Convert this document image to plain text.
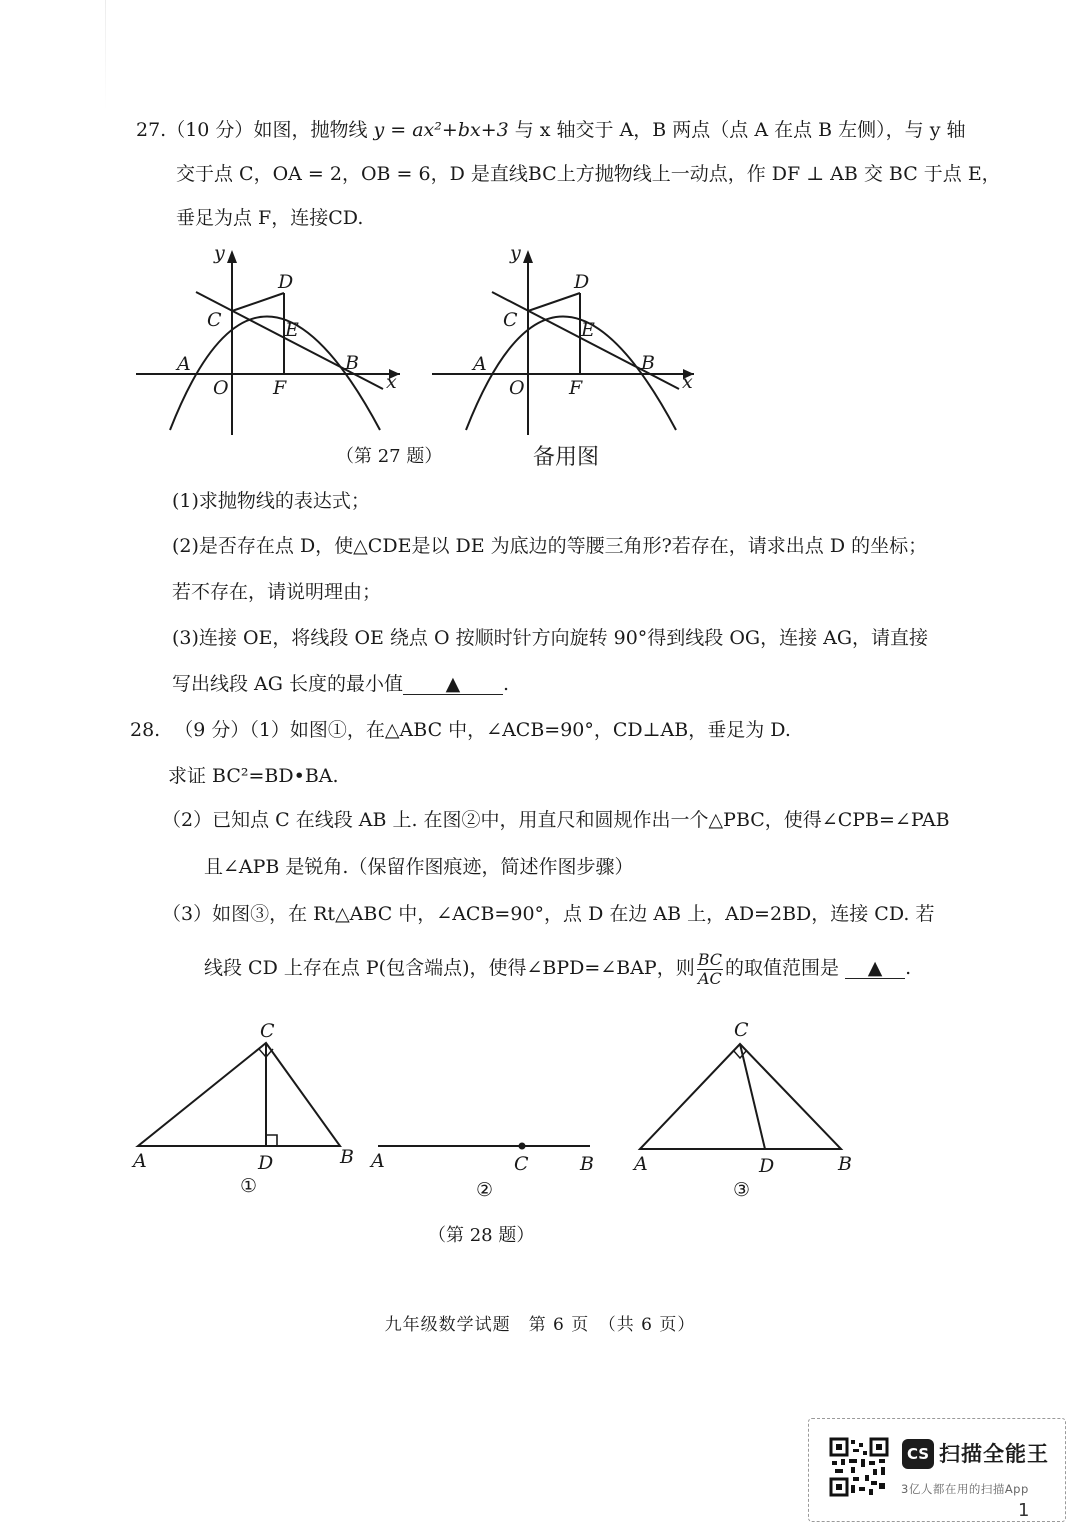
27.（10 分）如图，抛物线 y = ax²+bx+3 与 x 轴交于 A，B 两点（点 A 在点 B 左侧），与 y 轴
交于点 C，OA = 2，OB = 6，D 是直线BC上方抛物线上一动点，作 DF ⊥ AB 交 BC 于点 E，
垂足为点 F，连接CD.
y
x
D
C	E
A	B
O F
y
x
D
C	E
A	B
O F
（第 27 题）	备用图
(1)求抛物线的表达式；
(2)是否存在点 D，使△CDE是以 DE 为底边的等腰三角形?若存在，请求出点 D 的坐标；
若不存在，请说明理由；
(3)连接 OE，将线段 OE 绕点 O 按顺时针方向旋转 90°得到线段 OG，连接 AG，请直接
写出线段 AG 长度的最小值 ▲ .
28. （9 分）（1）如图①，在△ABC 中，∠ACB=90°，CD⊥AB，垂足为 D.
求证 BC²=BD•BA.
（2）已知点 C 在线段 AB 上. 在图②中，用直尺和圆规作出一个△PBC，使得∠CPB=∠PAB
且∠APB 是锐角.（保留作图痕迹，简述作图步骤）
（3）如图③，在 Rt△ABC 中，∠ACB=90°，点 D 在边 AB 上，AD=2BD，连接 CD. 若
线段 CD 上存在点 P(包含端点)，使得∠BPD=∠BAP，则 $\frac{BC}{AC}$ 的取值范围是 ▲ .
C
A	D	B
①
A	C	B
②
C
A	D	B
③
（第 28 题）
九年级数学试题　第 6 页　（共 6 页）
CS 扫描全能王
3亿人都在用的扫描App
1
